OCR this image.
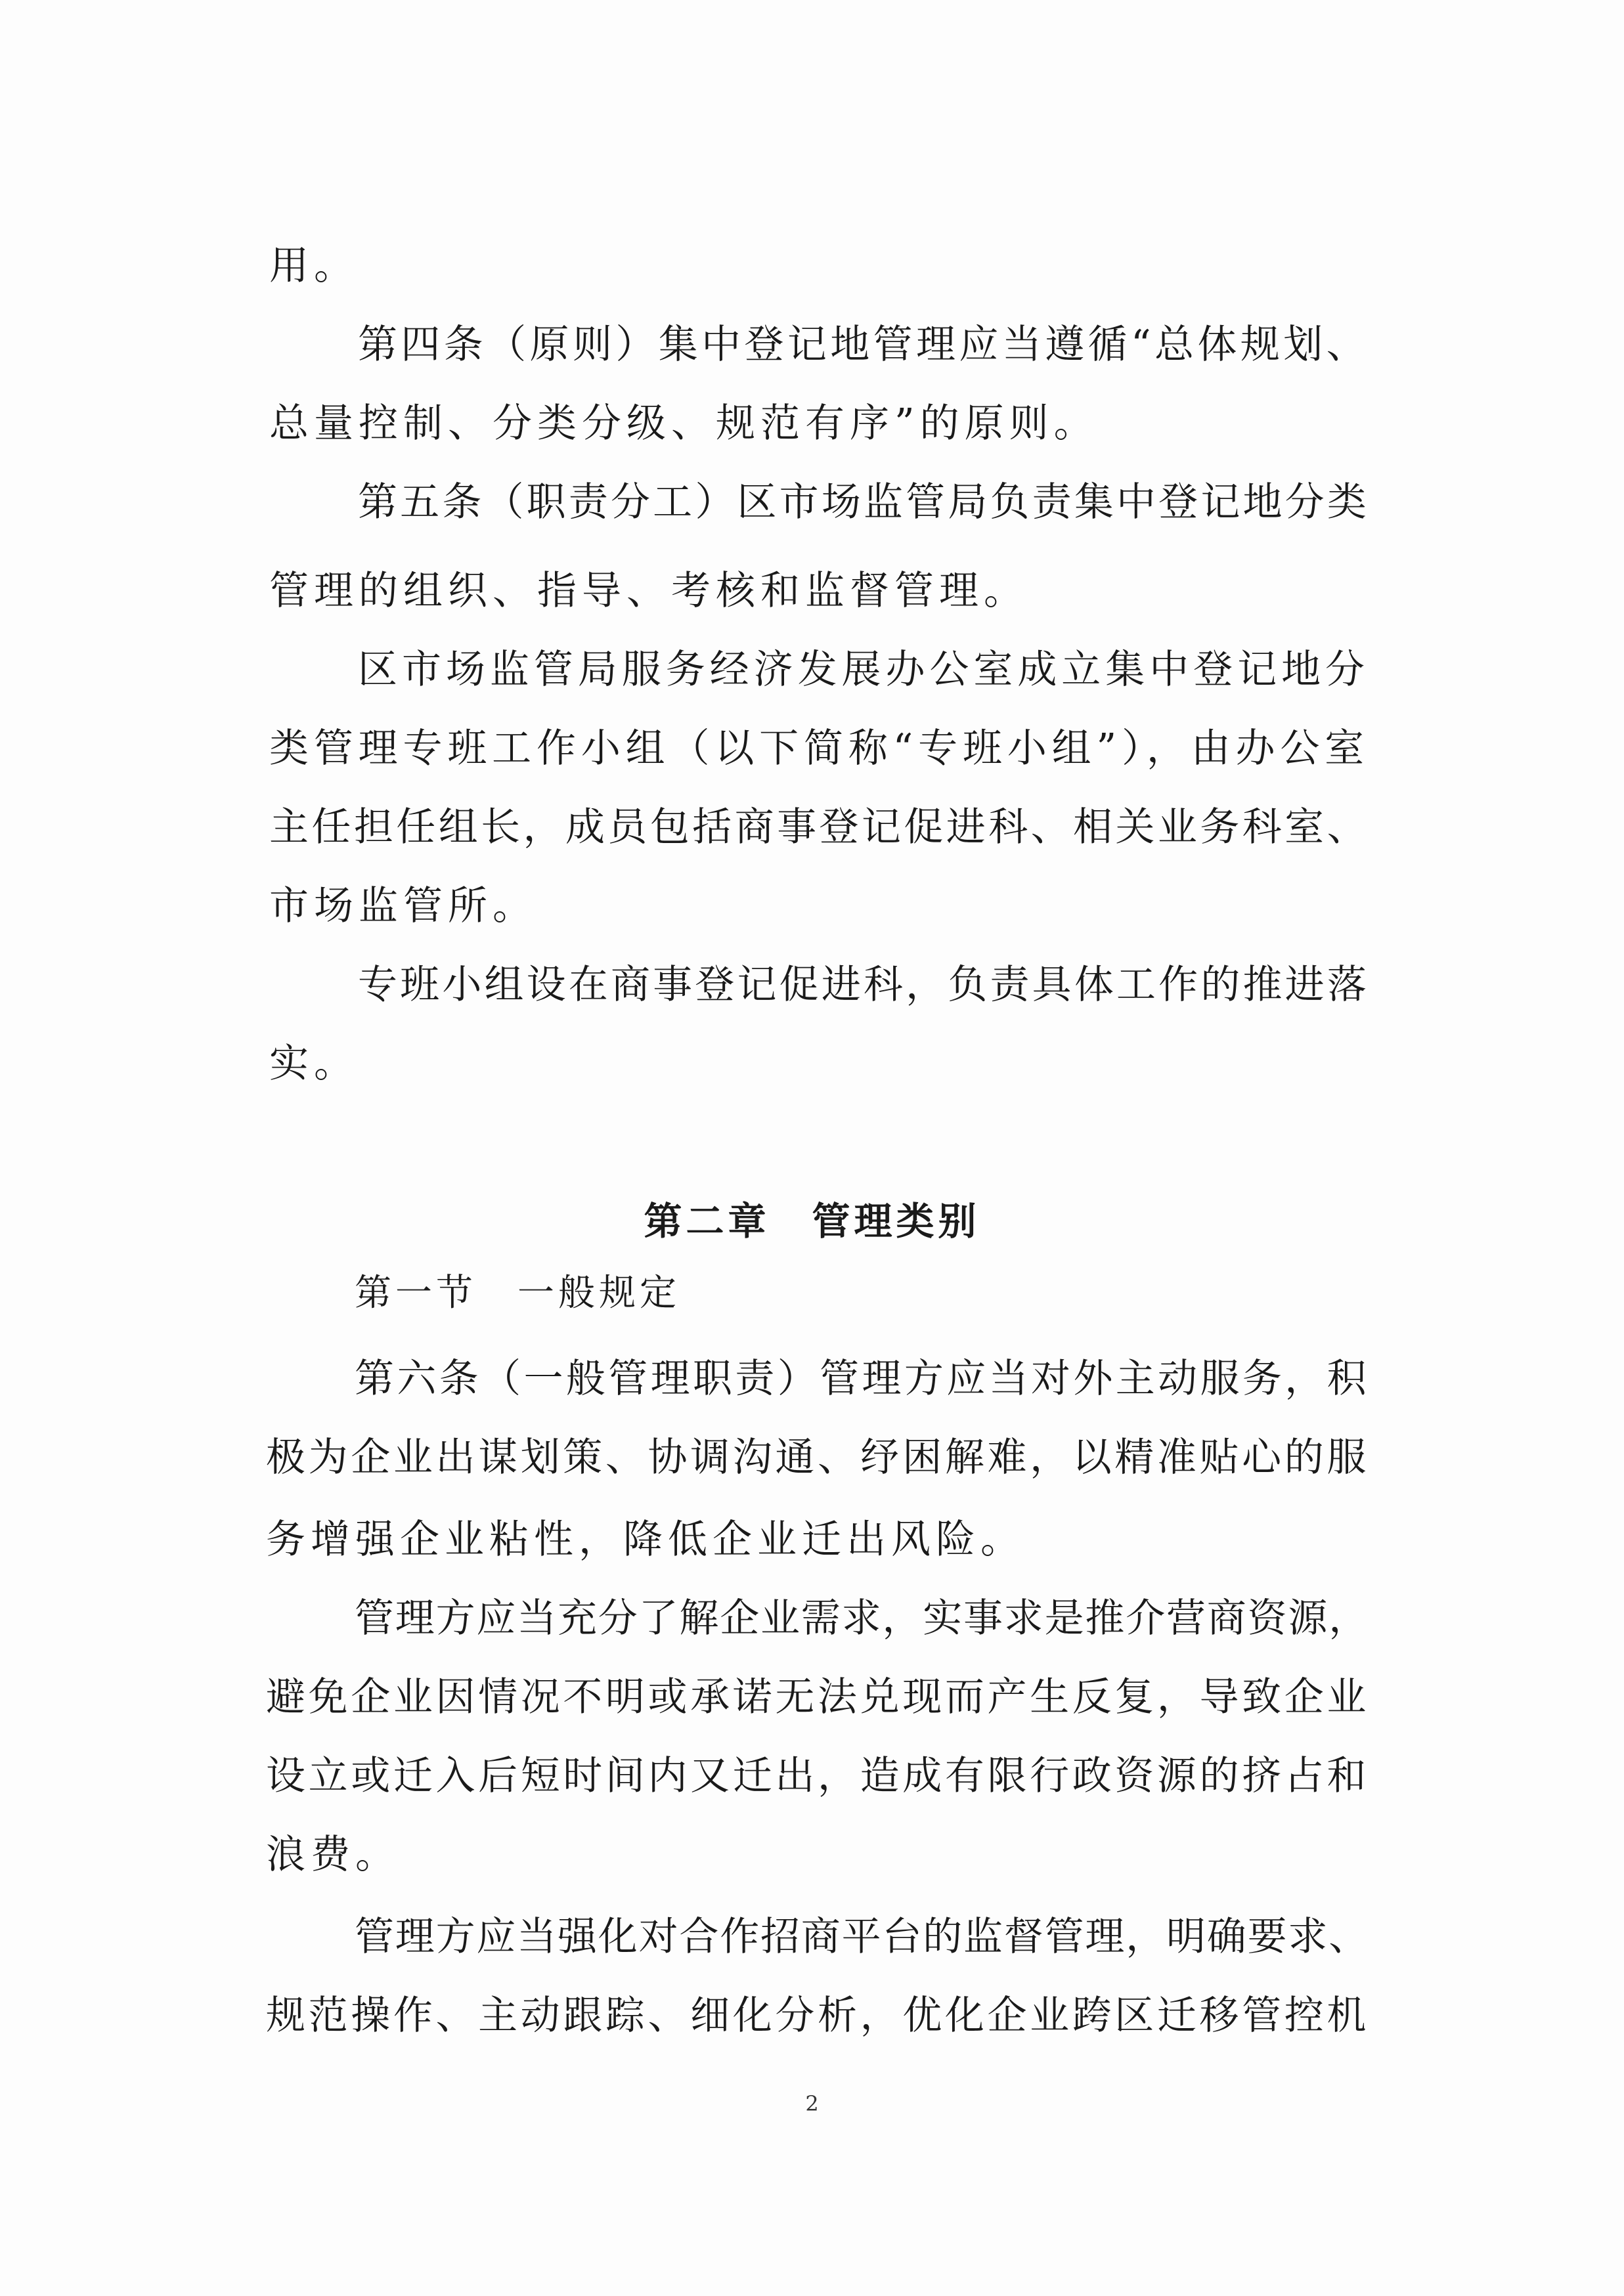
用。
第四条（原则）集中登记地管理应当遵循“总体规划、
总量控制、分类分级、规范有序”的原则。
第五条（职责分工）区市场监管局负责集中登记地分类
管理的组织、指导、考核和监督管理。
区市场监管局服务经济发展办公室成立集中登记地分
类管理专班工作小组（以下简称“专班小组”），由办公室
主任担任组长，成员包括商事登记促进科、相关业务科室、
市场监管所。
专班小组设在商事登记促进科，负责具体工作的推进落
实。
第二章　管理类别
第一节　一般规定
第六条（一般管理职责）管理方应当对外主动服务，积
极为企业出谋划策、协调沟通、纾困解难，以精准贴心的服
务增强企业粘性，降低企业迁出风险。
管理方应当充分了解企业需求，实事求是推介营商资源，
避免企业因情况不明或承诺无法兑现而产生反复，导致企业
设立或迁入后短时间内又迁出，造成有限行政资源的挤占和
浪费。
管理方应当强化对合作招商平台的监督管理，明确要求、
规范操作、主动跟踪、细化分析，优化企业跨区迁移管控机
2
